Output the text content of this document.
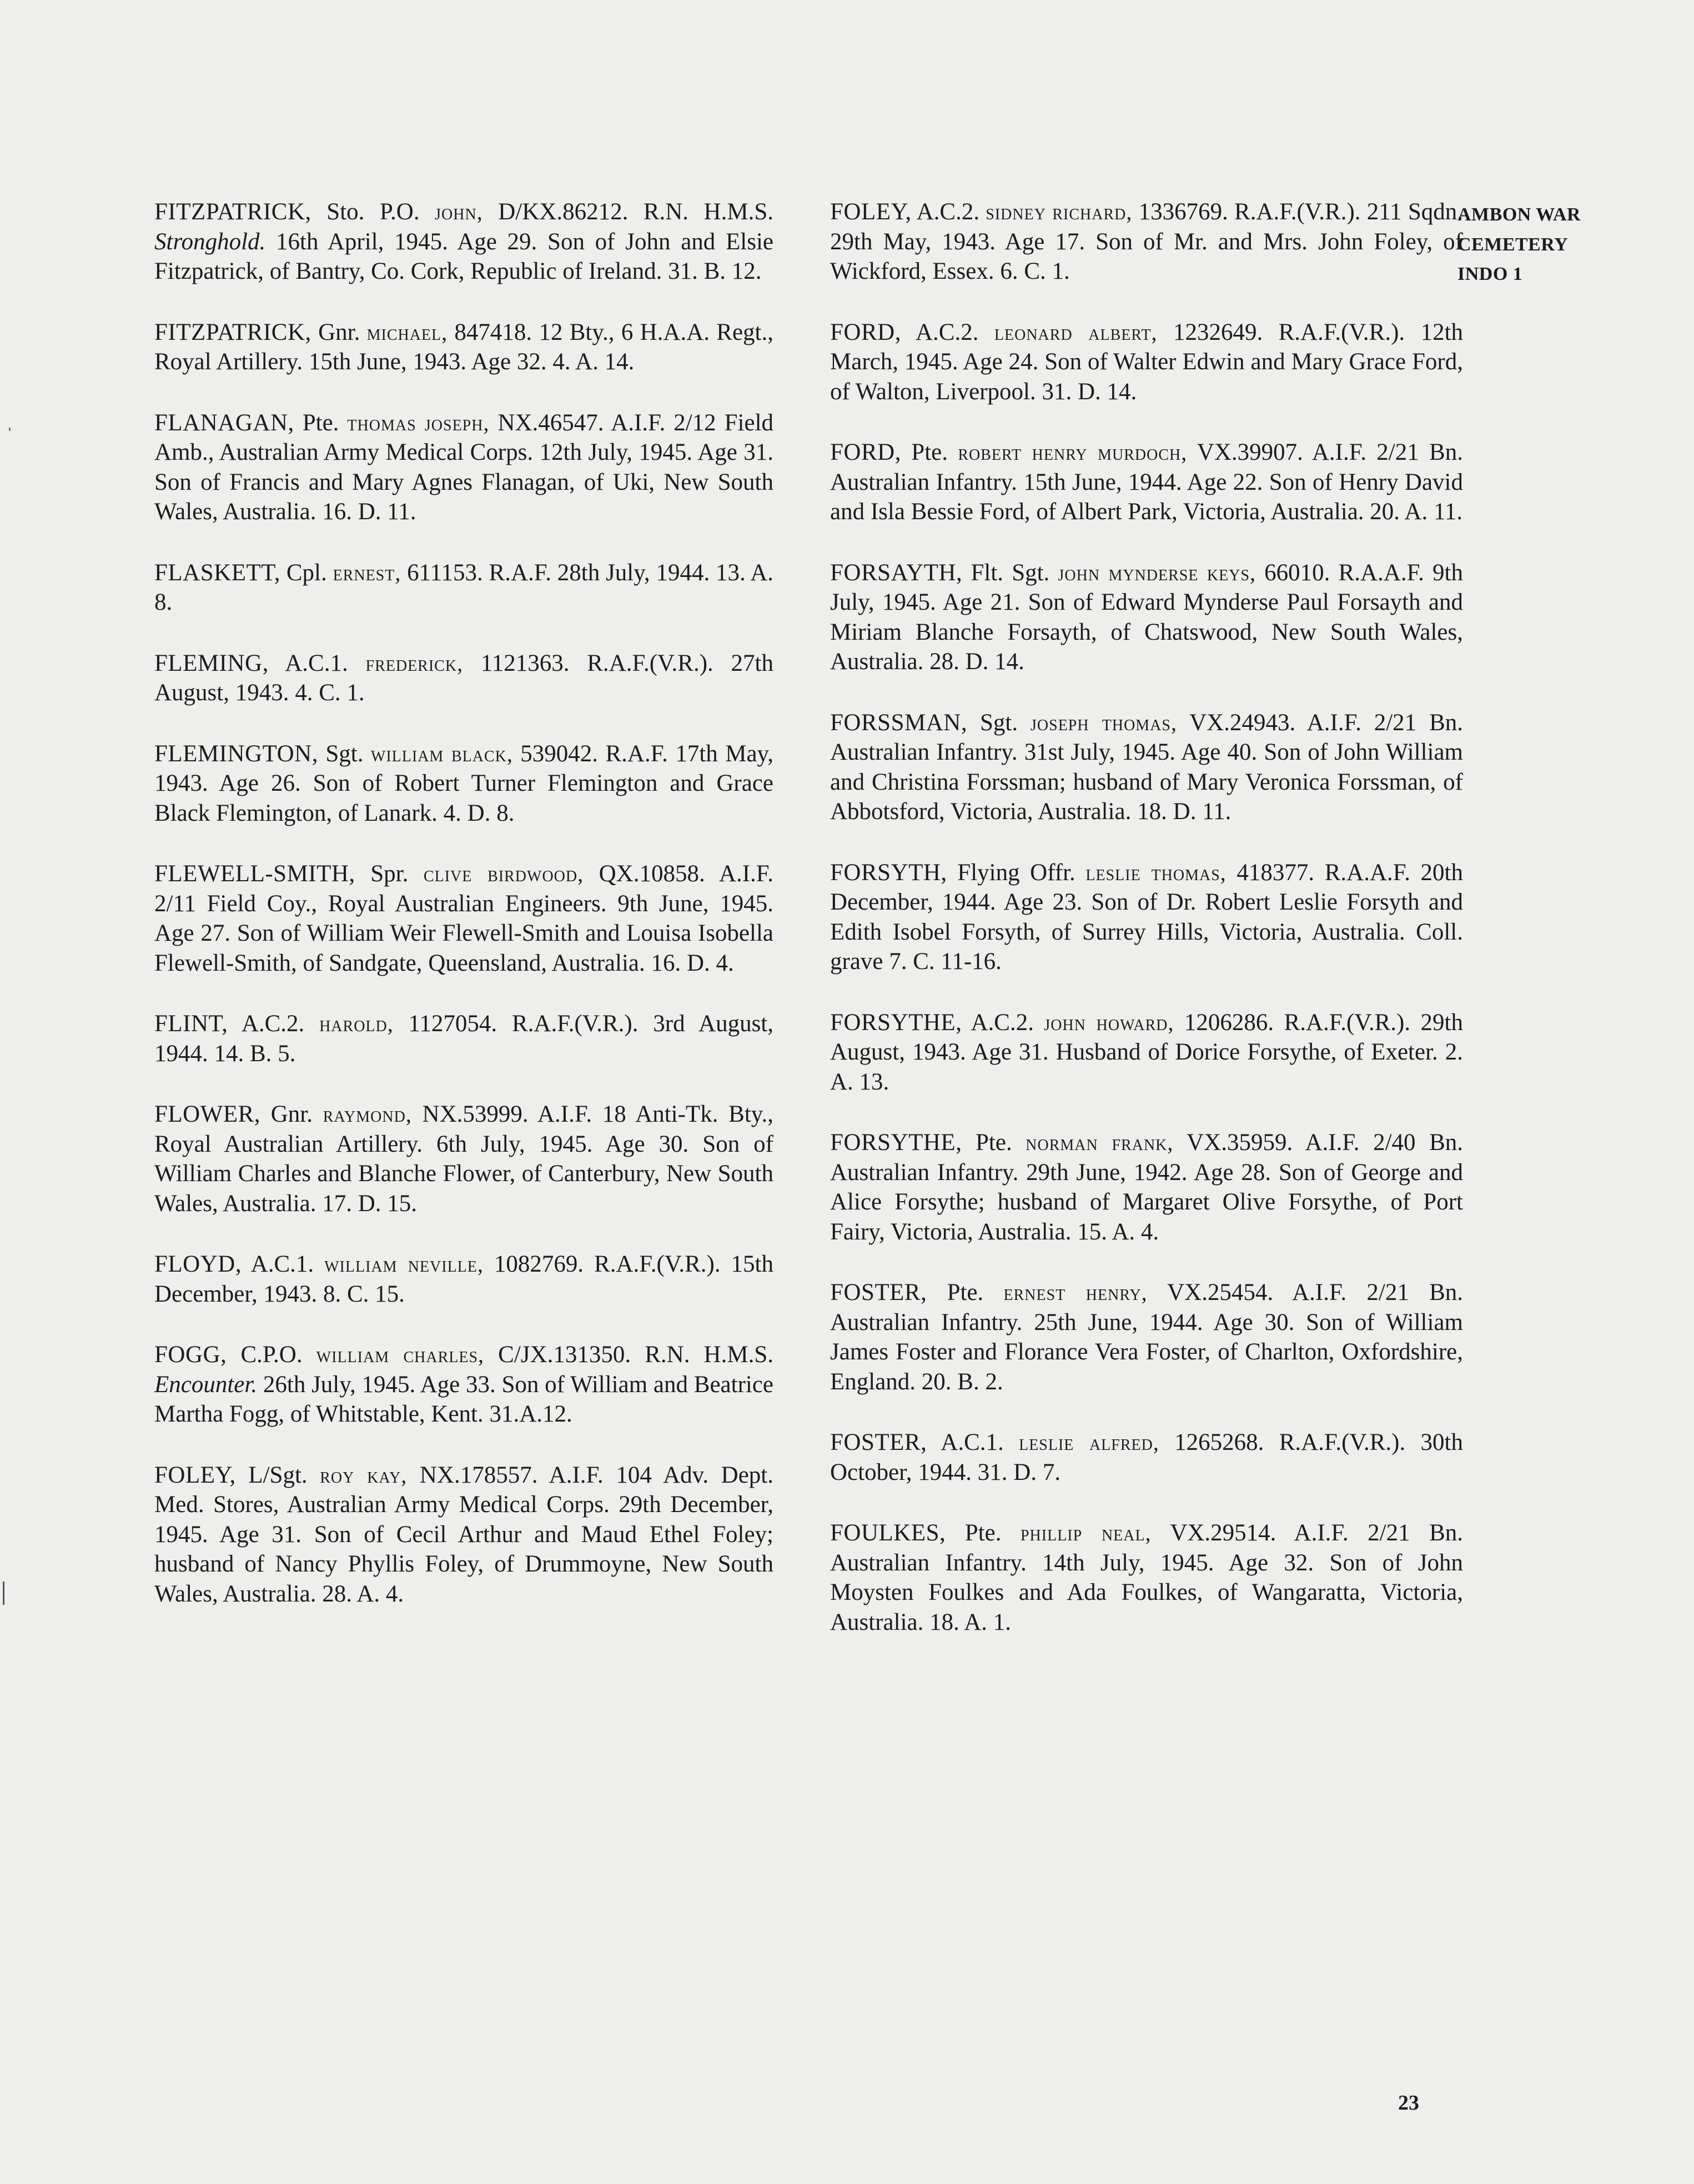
FITZPATRICK, Sto. P.O. john, D/KX.86212. R.N. H.M.S. Stronghold. 16th April, 1945. Age 29. Son of John and Elsie Fitzpatrick, of Bantry, Co. Cork, Republic of Ireland. 31. B. 12.

FITZPATRICK, Gnr. michael, 847418. 12 Bty., 6 H.A.A. Regt., Royal Artillery. 15th June, 1943. Age 32. 4. A. 14.

FLANAGAN, Pte. thomas joseph, NX.46547. A.I.F. 2/12 Field Amb., Australian Army Medical Corps. 12th July, 1945. Age 31. Son of Francis and Mary Agnes Flanagan, of Uki, New South Wales, Australia. 16. D. 11.

FLASKETT, Cpl. ernest, 611153. R.A.F. 28th July, 1944. 13. A. 8.

FLEMING, A.C.1. frederick, 1121363. R.A.F.(V.R.). 27th August, 1943. 4. C. 1.

FLEMINGTON, Sgt. william black, 539042. R.A.F. 17th May, 1943. Age 26. Son of Robert Turner Flemington and Grace Black Flemington, of Lanark. 4. D. 8.

FLEWELL-SMITH, Spr. clive birdwood, QX.10858. A.I.F. 2/11 Field Coy., Royal Australian Engineers. 9th June, 1945. Age 27. Son of William Weir Flewell-Smith and Louisa Isobella Flewell-Smith, of Sandgate, Queensland, Australia. 16. D. 4.

FLINT, A.C.2. harold, 1127054. R.A.F.(V.R.). 3rd August, 1944. 14. B. 5.

FLOWER, Gnr. raymond, NX.53999. A.I.F. 18 Anti-Tk. Bty., Royal Australian Artillery. 6th July, 1945. Age 30. Son of William Charles and Blanche Flower, of Canterbury, New South Wales, Australia. 17. D. 15.

FLOYD, A.C.1. william neville, 1082769. R.A.F.(V.R.). 15th December, 1943. 8. C. 15.

FOGG, C.P.O. william charles, C/JX.131350. R.N. H.M.S. Encounter. 26th July, 1945. Age 33. Son of William and Beatrice Martha Fogg, of Whitstable, Kent. 31.A.12.

FOLEY, L/Sgt. roy kay, NX.178557. A.I.F. 104 Adv. Dept. Med. Stores, Australian Army Medical Corps. 29th December, 1945. Age 31. Son of Cecil Arthur and Maud Ethel Foley; husband of Nancy Phyllis Foley, of Drummoyne, New South Wales, Australia. 28. A. 4.

FOLEY, A.C.2. sidney richard, 1336769. R.A.F.(V.R.). 211 Sqdn. 29th May, 1943. Age 17. Son of Mr. and Mrs. John Foley, of Wickford, Essex. 6. C. 1.

FORD, A.C.2. leonard albert, 1232649. R.A.F.(V.R.). 12th March, 1945. Age 24. Son of Walter Edwin and Mary Grace Ford, of Walton, Liverpool. 31. D. 14.

FORD, Pte. robert henry murdoch, VX.39907. A.I.F. 2/21 Bn. Australian Infantry. 15th June, 1944. Age 22. Son of Henry David and Isla Bessie Ford, of Albert Park, Victoria, Australia. 20. A. 11.

FORSAYTH, Flt. Sgt. john mynderse keys, 66010. R.A.A.F. 9th July, 1945. Age 21. Son of Edward Mynderse Paul Forsayth and Miriam Blanche Forsayth, of Chatswood, New South Wales, Australia. 28. D. 14.

FORSSMAN, Sgt. joseph thomas, VX.24943. A.I.F. 2/21 Bn. Australian Infantry. 31st July, 1945. Age 40. Son of John William and Christina Forssman; husband of Mary Veronica Forssman, of Abbotsford, Victoria, Australia. 18. D. 11.

FORSYTH, Flying Offr. leslie thomas, 418377. R.A.A.F. 20th December, 1944. Age 23. Son of Dr. Robert Leslie Forsyth and Edith Isobel Forsyth, of Surrey Hills, Victoria, Australia. Coll. grave 7. C. 11-16.

FORSYTHE, A.C.2. john howard, 1206286. R.A.F.(V.R.). 29th August, 1943. Age 31. Husband of Dorice Forsythe, of Exeter. 2. A. 13.

FORSYTHE, Pte. norman frank, VX.35959. A.I.F. 2/40 Bn. Australian Infantry. 29th June, 1942. Age 28. Son of George and Alice Forsythe; husband of Margaret Olive Forsythe, of Port Fairy, Victoria, Australia. 15. A. 4.

FOSTER, Pte. ernest henry, VX.25454. A.I.F. 2/21 Bn. Australian Infantry. 25th June, 1944. Age 30. Son of William James Foster and Florance Vera Foster, of Charlton, Oxfordshire, England. 20. B. 2.

FOSTER, A.C.1. leslie alfred, 1265268. R.A.F.(V.R.). 30th October, 1944. 31. D. 7.

FOULKES, Pte. phillip neal, VX.29514. A.I.F. 2/21 Bn. Australian Infantry. 14th July, 1945. Age 32. Son of John Moysten Foulkes and Ada Foulkes, of Wangaratta, Victoria, Australia. 18. A. 1.

AMBON WAR
CEMETERY
INDO 1
23
